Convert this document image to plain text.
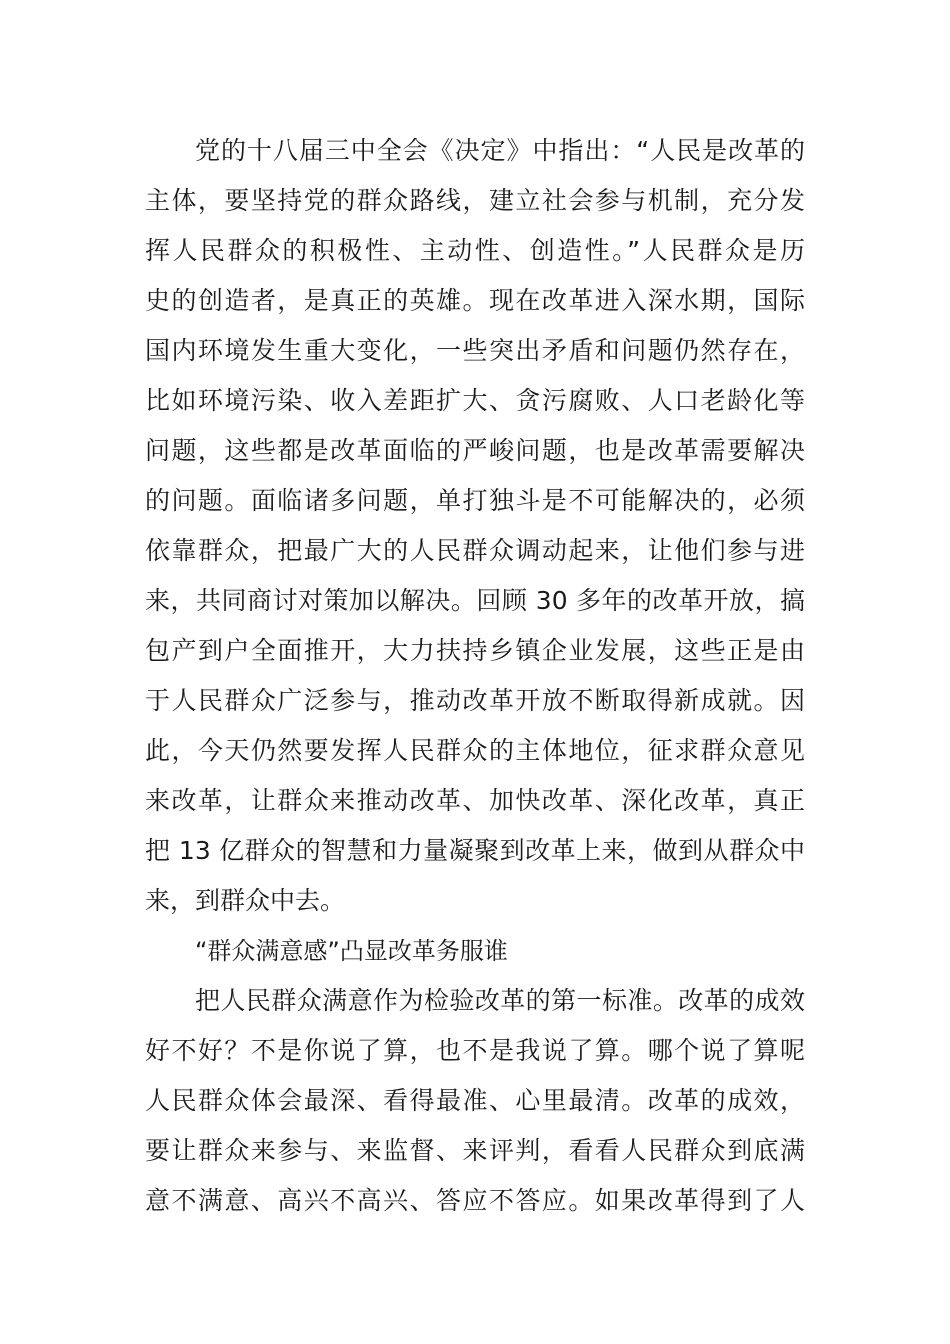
党的十八届三中全会《决定》中指出：“人民是改革的
主体，要坚持党的群众路线，建立社会参与机制，充分发
挥人民群众的积极性、主动性、创造性。”人民群众是历
史的创造者，是真正的英雄。现在改革进入深水期，国际
国内环境发生重大变化，一些突出矛盾和问题仍然存在，
比如环境污染、收入差距扩大、贪污腐败、人口老龄化等
问题，这些都是改革面临的严峻问题，也是改革需要解决
的问题。面临诸多问题，单打独斗是不可能解决的，必须
依靠群众，把最广大的人民群众调动起来，让他们参与进
来，共同商讨对策加以解决。回顾 30 多年的改革开放，搞
包产到户全面推开，大力扶持乡镇企业发展，这些正是由
于人民群众广泛参与，推动改革开放不断取得新成就。因
此，今天仍然要发挥人民群众的主体地位，征求群众意见
来改革，让群众来推动改革、加快改革、深化改革，真正
把 13 亿群众的智慧和力量凝聚到改革上来，做到从群众中
来，到群众中去。
“群众满意感”凸显改革务服谁
把人民群众满意作为检验改革的第一标准。改革的成效
好不好？不是你说了算，也不是我说了算。哪个说了算呢
人民群众体会最深、看得最准、心里最清。改革的成效，
要让群众来参与、来监督、来评判，看看人民群众到底满
意不满意、高兴不高兴、答应不答应。如果改革得到了人
